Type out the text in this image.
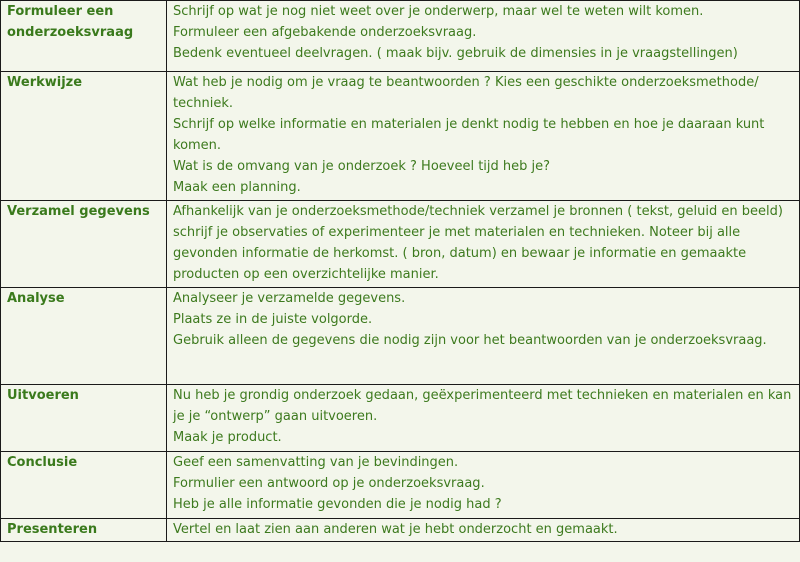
Formuleer een onderzoeksvraag	Schrijf op wat je nog niet weet over je onderwerp, maar wel te weten wilt komen.
Formuleer een afgebakende onderzoeksvraag.
Bedenk eventueel deelvragen. ( maak bijv. gebruik de dimensies in je vraagstellingen)

Werkwijze	Wat heb je nodig om je vraag te beantwoorden ? Kies een geschikte onderzoeksmethode/ techniek.
Schrijf op welke informatie en materialen je denkt nodig te hebben en hoe je daaraan kunt komen.
Wat is de omvang van je onderzoek ? Hoeveel tijd heb je?
Maak een planning.

Verzamel gegevens	Afhankelijk van je onderzoeksmethode/techniek verzamel je bronnen ( tekst, geluid en beeld) schrijf je observaties of experimenteer je met materialen en technieken. Noteer bij alle gevonden informatie de herkomst. ( bron, datum) en bewaar je informatie en gemaakte producten op een overzichtelijke manier.

Analyse	Analyseer je verzamelde gegevens.
Plaats ze in de juiste volgorde.
Gebruik alleen de gegevens die nodig zijn voor het beantwoorden van je onderzoeksvraag.

Uitvoeren	Nu heb je grondig onderzoek gedaan, geëxperimenteerd met technieken en materialen en kan je je “ontwerp” gaan uitvoeren.
Maak je product.

Conclusie	Geef een samenvatting van je bevindingen.
Formulier een antwoord op je onderzoeksvraag.
Heb je alle informatie gevonden die je nodig had ?

Presenteren	Vertel en laat zien aan anderen wat je hebt onderzocht en gemaakt.
